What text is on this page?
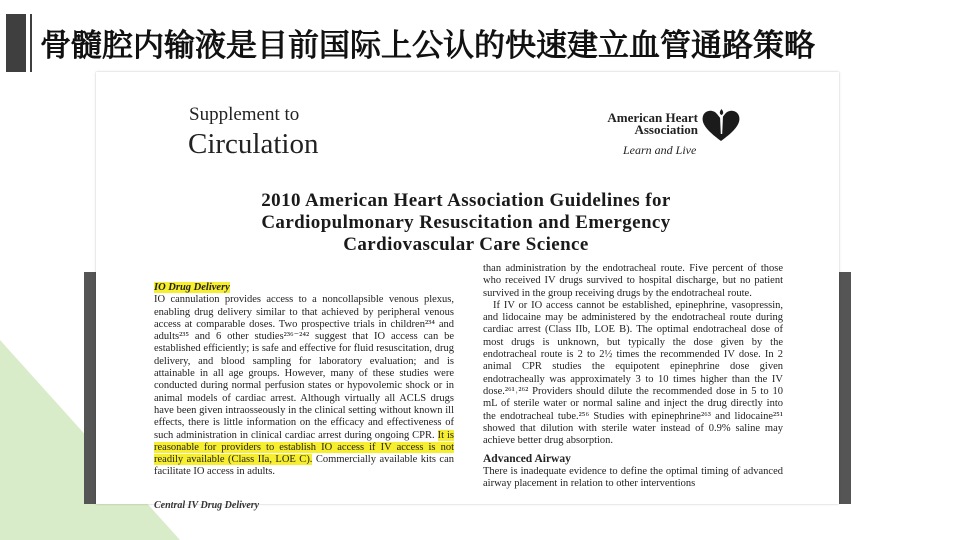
骨髓腔内输液是目前国际上公认的快速建立血管通路策略
Supplement to
Circulation
American Heart
Association
Learn and Live
2010 American Heart Association Guidelines for
Cardiopulmonary Resuscitation and Emergency
Cardiovascular Care Science

IO Drug Delivery

IO cannulation provides access to a noncollapsible venous plexus, enabling drug delivery similar to that achieved by peripheral venous access at comparable doses. Two prospective trials in children²³⁴ and adults²³⁵ and 6 other studies²³⁶⁻²⁴² suggest that IO access can be established efficiently; is safe and effective for fluid resuscitation, drug delivery, and blood sampling for laboratory evaluation; and is attainable in all age groups. However, many of these studies were conducted during normal perfusion states or hypovolemic shock or in animal models of cardiac arrest. Although virtually all ACLS drugs have been given intraosseously in the clinical setting without known ill effects, there is little information on the efficacy and effectiveness of such administration in clinical cardiac arrest during ongoing CPR. It is reasonable for providers to establish IO access if IV access is not readily available (Class IIa, LOE C). Commercially available kits can facilitate IO access in adults.

Central IV Drug Delivery

than administration by the endotracheal route. Five percent of those who received IV drugs survived to hospital discharge, but no patient survived in the group receiving drugs by the endotracheal route.

If IV or IO access cannot be established, epinephrine, vasopressin, and lidocaine may be administered by the endotracheal route during cardiac arrest (Class IIb, LOE B). The optimal endotracheal dose of most drugs is unknown, but typically the dose given by the endotracheal route is 2 to 2½ times the recommended IV dose. In 2 animal CPR studies the equipotent epinephrine dose given endotracheally was approximately 3 to 10 times higher than the IV dose.²⁶¹˒²⁶² Providers should dilute the recommended dose in 5 to 10 mL of sterile water or normal saline and inject the drug directly into the endotracheal tube.²⁵⁶ Studies with epinephrine²⁶³ and lidocaine²⁵¹ showed that dilution with sterile water instead of 0.9% saline may achieve better drug absorption.

Advanced Airway

There is inadequate evidence to define the optimal timing of advanced airway placement in relation to other interventions
